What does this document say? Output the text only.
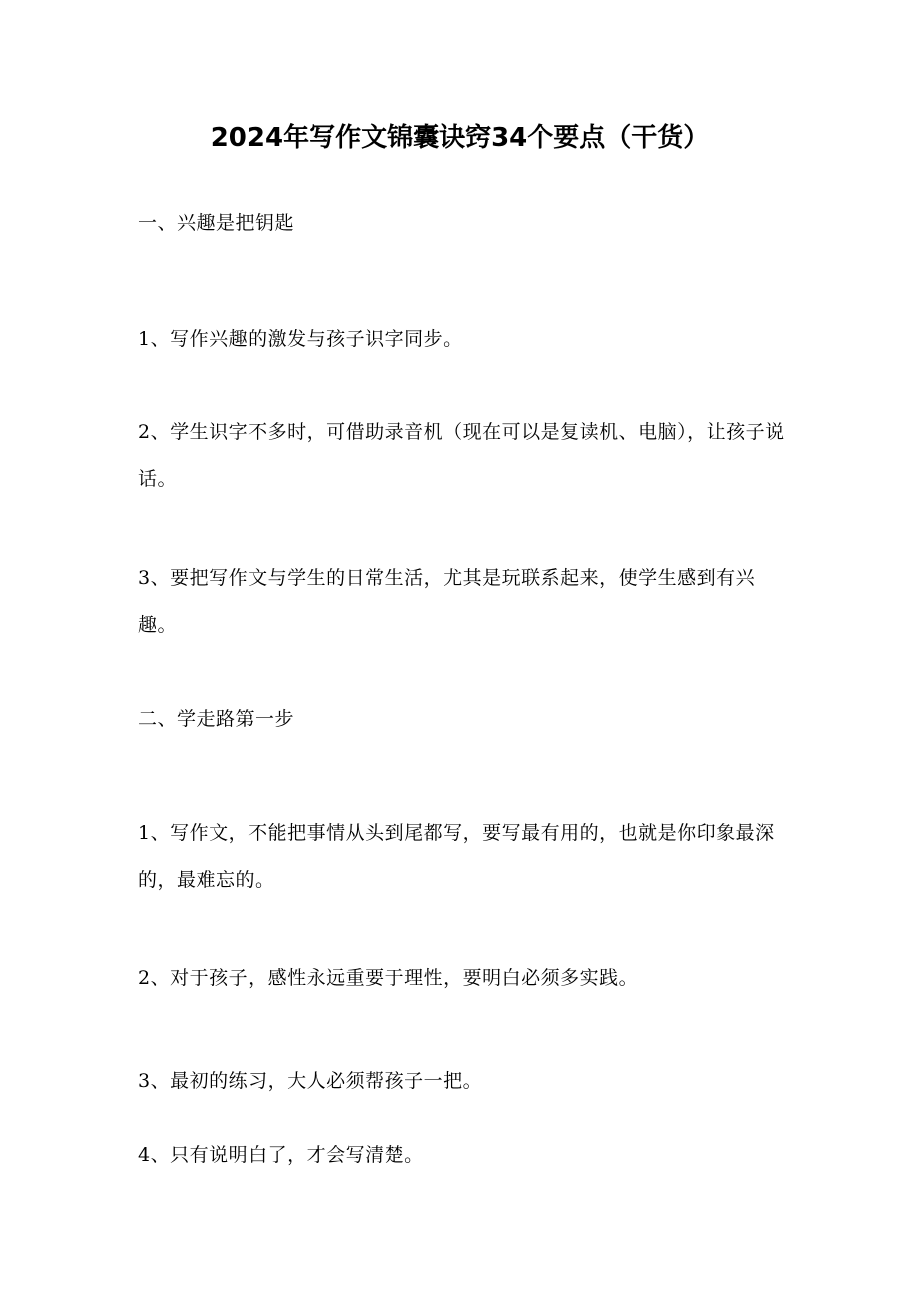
2024年写作文锦囊诀窍34个要点（干货）

一、兴趣是把钥匙

1、写作兴趣的激发与孩子识字同步。

2、学生识字不多时，可借助录音机（现在可以是复读机、电脑），让孩子说话。

3、要把写作文与学生的日常生活，尤其是玩联系起来，使学生感到有兴趣。

二、学走路第一步

1、写作文，不能把事情从头到尾都写，要写最有用的，也就是你印象最深的，最难忘的。

2、对于孩子，感性永远重要于理性，要明白必须多实践。

3、最初的练习，大人必须帮孩子一把。

4、只有说明白了，才会写清楚。
